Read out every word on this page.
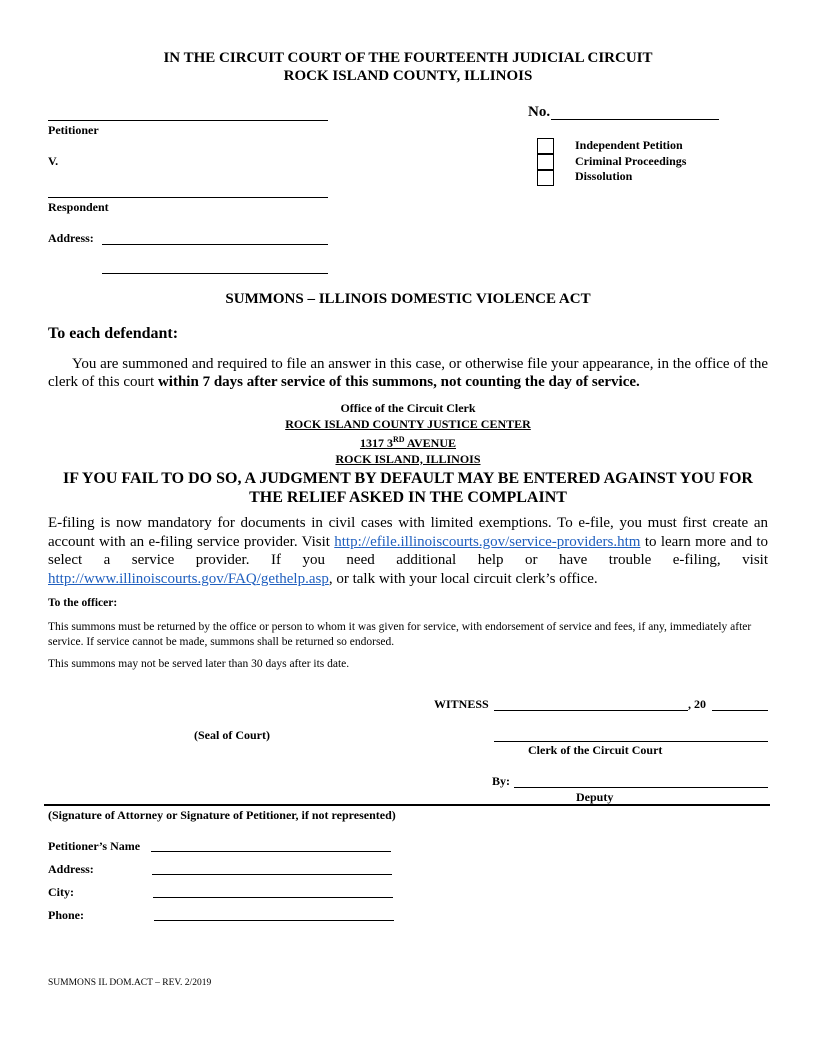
IN THE CIRCUIT COURT OF THE FOURTEENTH JUDICIAL CIRCUIT
ROCK ISLAND COUNTY, ILLINOIS
Petitioner
V.
Respondent
Address:
No.
Independent Petition
Criminal Proceedings
Dissolution
SUMMONS – ILLINOIS DOMESTIC VIOLENCE ACT
To each defendant:
You are summoned and required to file an answer in this case, or otherwise file your appearance, in the office of the clerk of this court within 7 days after service of this summons, not counting the day of service.
Office of the Circuit Clerk
ROCK ISLAND COUNTY JUSTICE CENTER
1317 3RD AVENUE
ROCK ISLAND, ILLINOIS
IF YOU FAIL TO DO SO, A JUDGMENT BY DEFAULT MAY BE ENTERED AGAINST YOU FOR THE RELIEF ASKED IN THE COMPLAINT
E-filing is now mandatory for documents in civil cases with limited exemptions. To e-file, you must first create an account with an e-filing service provider. Visit http://efile.illinoiscourts.gov/service-providers.htm to learn more and to select a service provider. If you need additional help or have trouble e-filing, visit http://www.illinoiscourts.gov/FAQ/gethelp.asp, or talk with your local circuit clerk’s office.
To the officer:
This summons must be returned by the office or person to whom it was given for service, with endorsement of service and fees, if any, immediately after service. If service cannot be made, summons shall be returned so endorsed.
This summons may not be served later than 30 days after its date.
WITNESS	, 20
(Seal of Court)
Clerk of the Circuit Court
By:
Deputy
(Signature of Attorney or Signature of Petitioner, if not represented)
Petitioner’s Name
Address:
City:
Phone:
SUMMONS IL DOM.ACT – REV. 2/2019
